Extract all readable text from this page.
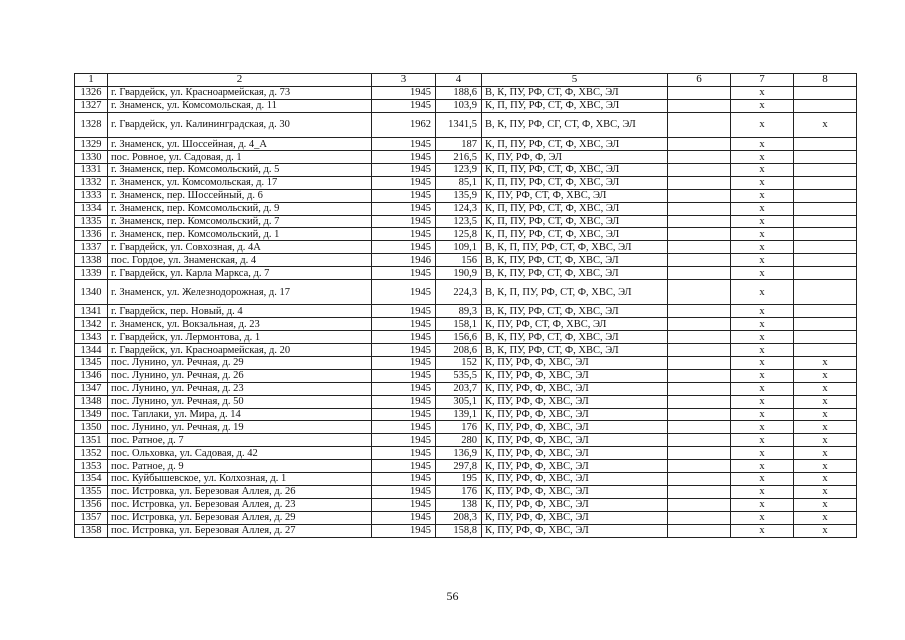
1	2	3	4	5	6	7	8
1326	г. Гвардейск, ул. Красноармейская, д. 73	1945	188,6	В, К, ПУ, РФ, СТ, Ф, ХВС, ЭЛ		х	
1327	г. Знаменск, ул. Комсомольская, д. 11	1945	103,9	К, П, ПУ, РФ, СТ, Ф, ХВС, ЭЛ		х	
1328	г. Гвардейск, ул. Калининградская, д. 30	1962	1341,5	В, К, ПУ, РФ, СГ, СТ, Ф, ХВС, ЭЛ		х	х
1329	г. Знаменск, ул. Шоссейная, д. 4_А	1945	187	К, П, ПУ, РФ, СТ, Ф, ХВС, ЭЛ		х	
1330	пос. Ровное, ул. Садовая, д. 1	1945	216,5	К, ПУ, РФ, Ф, ЭЛ		х	
1331	г. Знаменск, пер. Комсомольский, д. 5	1945	123,9	К, П, ПУ, РФ, СТ, Ф, ХВС, ЭЛ		х	
1332	г. Знаменск, ул. Комсомольская, д. 17	1945	85,1	К, П, ПУ, РФ, СТ, Ф, ХВС, ЭЛ		х	
1333	г. Знаменск, пер. Шоссейный, д. 6	1945	135,9	К, ПУ, РФ, СТ, Ф, ХВС, ЭЛ		х	
1334	г. Знаменск, пер. Комсомольский, д. 9	1945	124,3	К, П, ПУ, РФ, СТ, Ф, ХВС, ЭЛ		х	
1335	г. Знаменск, пер. Комсомольский, д. 7	1945	123,5	К, П, ПУ, РФ, СТ, Ф, ХВС, ЭЛ		х	
1336	г. Знаменск, пер. Комсомольский, д. 1	1945	125,8	К, П, ПУ, РФ, СТ, Ф, ХВС, ЭЛ		х	
1337	г. Гвардейск, ул. Совхозная, д. 4А	1945	109,1	В, К, П, ПУ, РФ, СТ, Ф, ХВС, ЭЛ		х	
1338	пос. Гордое, ул. Знаменская, д. 4	1946	156	В, К, ПУ, РФ, СТ, Ф, ХВС, ЭЛ		х	
1339	г. Гвардейск, ул. Карла Маркса, д. 7	1945	190,9	В, К, ПУ, РФ, СТ, Ф, ХВС, ЭЛ		х	
1340	г. Знаменск, ул. Железнодорожная, д. 17	1945	224,3	В, К, П, ПУ, РФ, СТ, Ф, ХВС, ЭЛ		х	
1341	г. Гвардейск, пер. Новый, д. 4	1945	89,3	В, К, ПУ, РФ, СТ, Ф, ХВС, ЭЛ		х	
1342	г. Знаменск, ул. Вокзальная, д. 23	1945	158,1	К, ПУ, РФ, СТ, Ф, ХВС, ЭЛ		х	
1343	г. Гвардейск, ул. Лермонтова, д. 1	1945	156,6	В, К, ПУ, РФ, СТ, Ф, ХВС, ЭЛ		х	
1344	г. Гвардейск, ул. Красноармейская, д. 20	1945	208,6	В, К, ПУ, РФ, СТ, Ф, ХВС, ЭЛ		х	
1345	пос. Лунино, ул. Речная, д. 29	1945	152	К, ПУ, РФ, Ф, ХВС, ЭЛ		х	х
1346	пос. Лунино, ул. Речная, д. 26	1945	535,5	К, ПУ, РФ, Ф, ХВС, ЭЛ		х	х
1347	пос. Лунино, ул. Речная, д. 23	1945	203,7	К, ПУ, РФ, Ф, ХВС, ЭЛ		х	х
1348	пос. Лунино, ул. Речная, д. 50	1945	305,1	К, ПУ, РФ, Ф, ХВС, ЭЛ		х	х
1349	пос. Таплаки, ул. Мира, д. 14	1945	139,1	К, ПУ, РФ, Ф, ХВС, ЭЛ		х	х
1350	пос. Лунино, ул. Речная, д. 19	1945	176	К, ПУ, РФ, Ф, ХВС, ЭЛ		х	х
1351	пос. Ратное, д. 7	1945	280	К, ПУ, РФ, Ф, ХВС, ЭЛ		х	х
1352	пос. Ольховка, ул. Садовая, д. 42	1945	136,9	К, ПУ, РФ, Ф, ХВС, ЭЛ		х	х
1353	пос. Ратное, д. 9	1945	297,8	К, ПУ, РФ, Ф, ХВС, ЭЛ		х	х
1354	пос. Куйбышевское, ул. Колхозная, д. 1	1945	195	К, ПУ, РФ, Ф, ХВС, ЭЛ		х	х
1355	пос. Истровка, ул. Березовая Аллея, д. 26	1945	176	К, ПУ, РФ, Ф, ХВС, ЭЛ		х	х
1356	пос. Истровка, ул. Березовая Аллея, д. 23	1945	138	К, ПУ, РФ, Ф, ХВС, ЭЛ		х	х
1357	пос. Истровка, ул. Березовая Аллея, д. 29	1945	208,3	К, ПУ, РФ, Ф, ХВС, ЭЛ		х	х
1358	пос. Истровка, ул. Березовая Аллея, д. 27	1945	158,8	К, ПУ, РФ, Ф, ХВС, ЭЛ		х	х
56
